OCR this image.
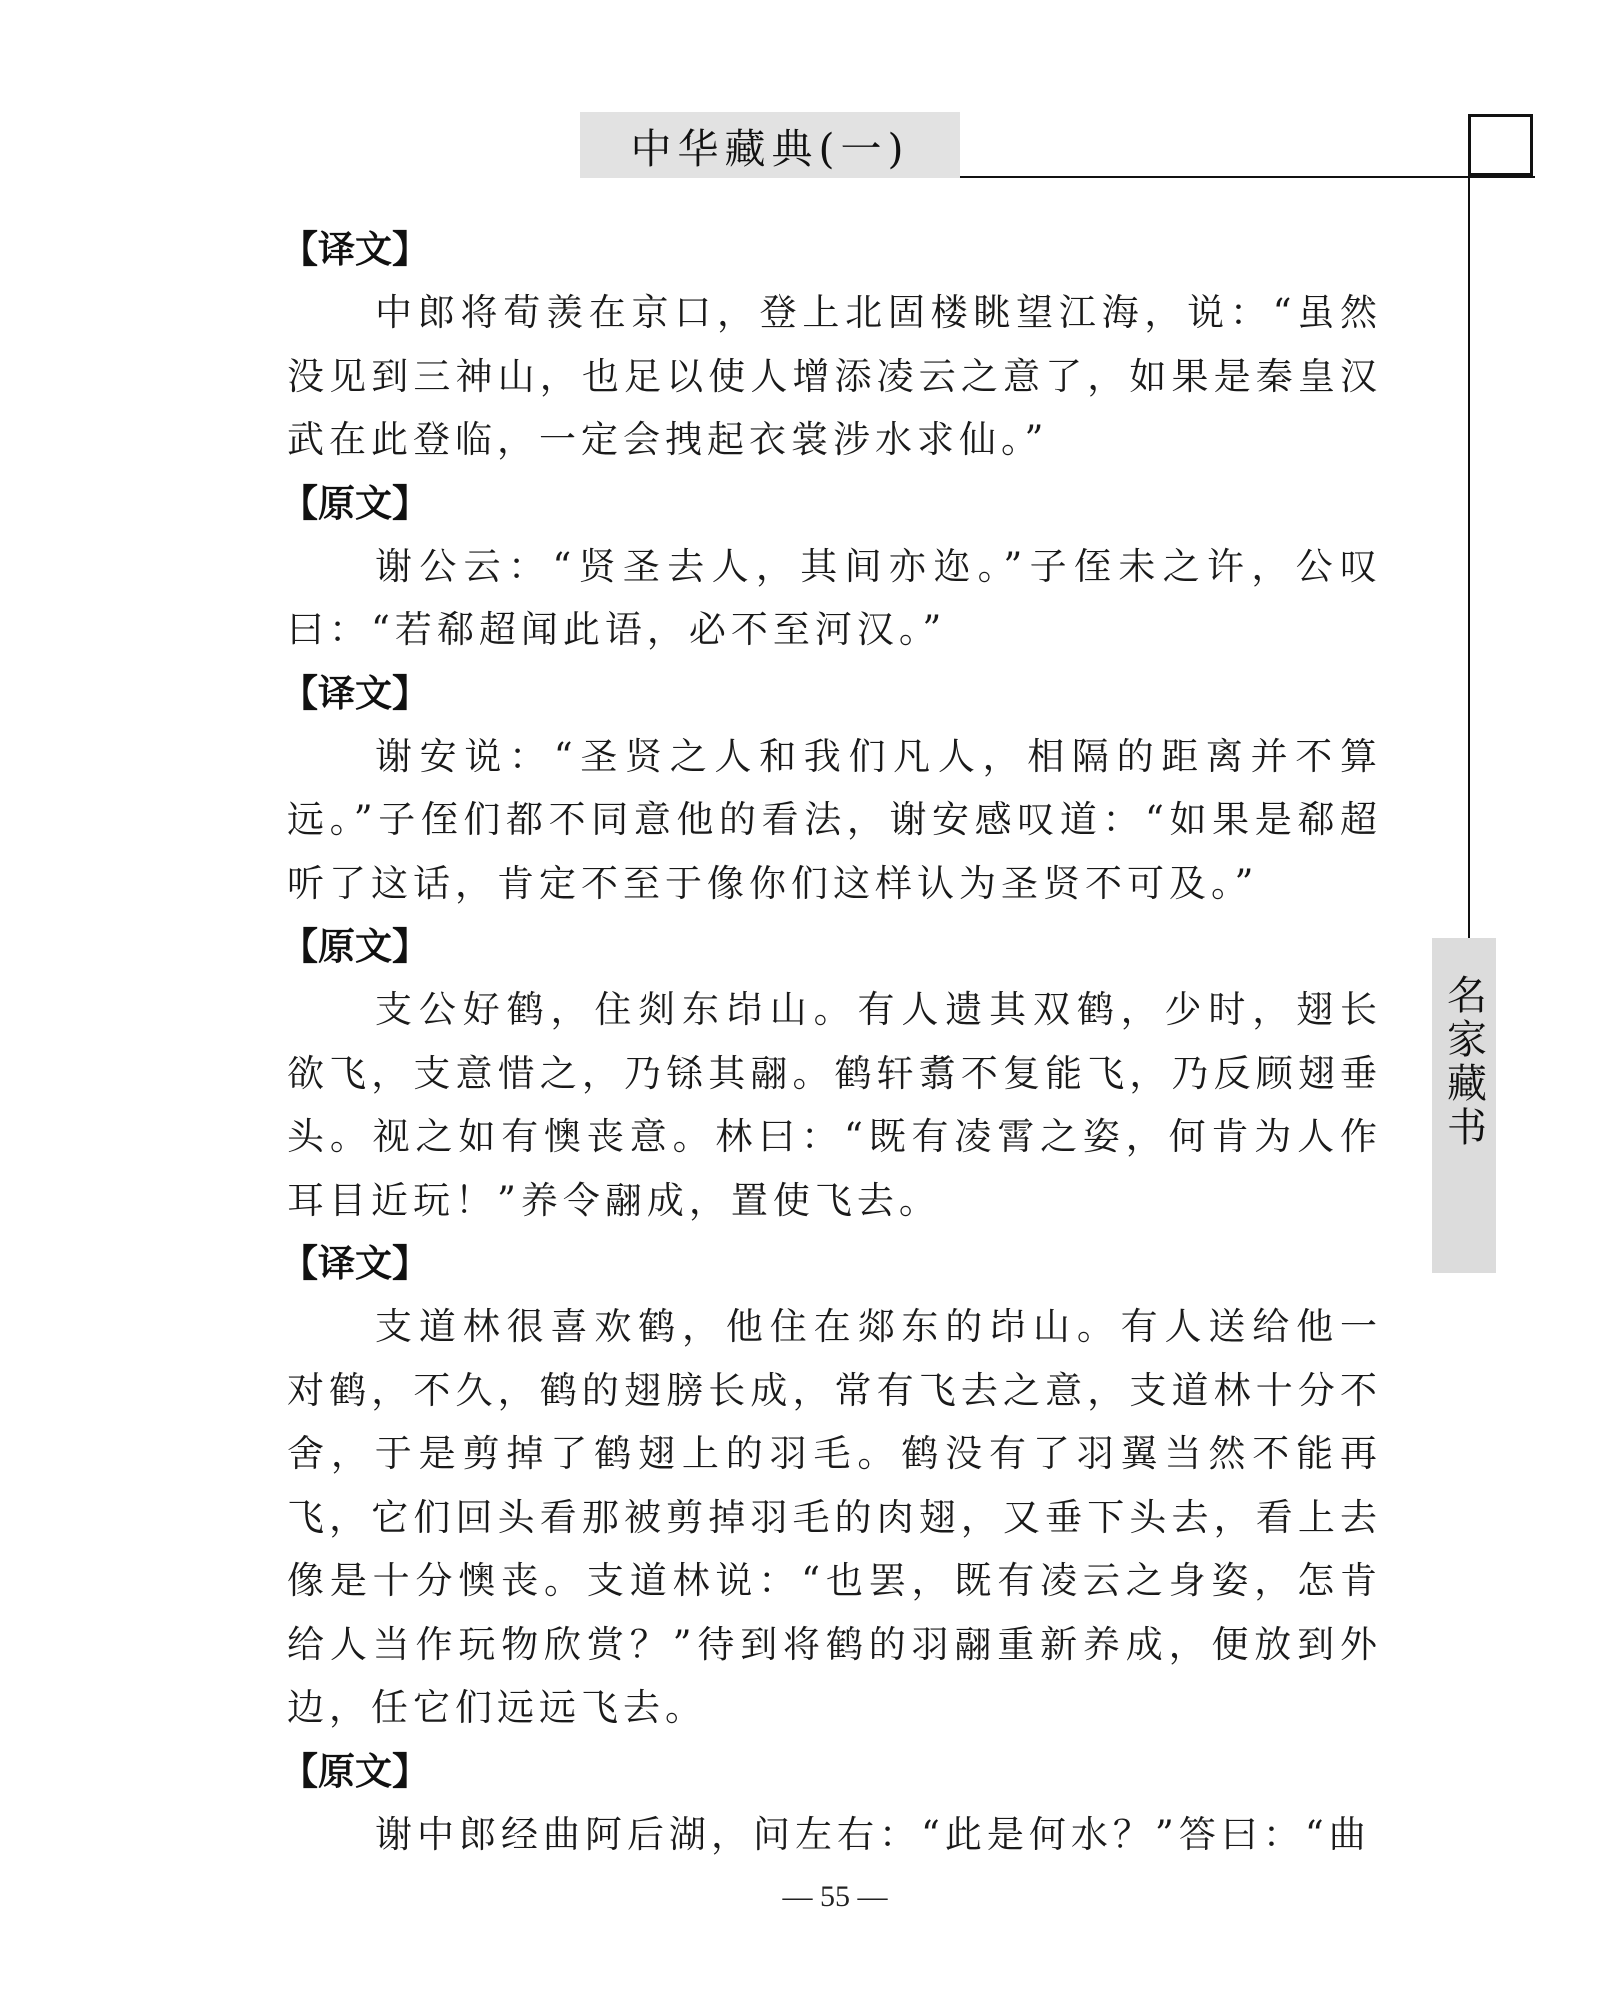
中华藏典(一)
名家藏书
【译文】

中郎将荀羡在京口，登上北固楼眺望江海，说：“虽然没见到三神山，也足以使人增添凌云之意了，如果是秦皇汉武在此登临，一定会拽起衣裳涉水求仙。”

【原文】

谢公云：“贤圣去人，其间亦迩。”子侄未之许，公叹曰：“若郗超闻此语，必不至河汉。”

【译文】

谢安说：“圣贤之人和我们凡人，相隔的距离并不算远。”子侄们都不同意他的看法，谢安感叹道：“如果是郗超听了这话，肯定不至于像你们这样认为圣贤不可及。”

【原文】

支公好鹤，住剡东岇山。有人遗其双鹤，少时，翅长欲飞，支意惜之，乃铩其翮。鹤轩翥不复能飞，乃反顾翅垂头。视之如有懊丧意。林曰：“既有凌霄之姿，何肯为人作耳目近玩！”养令翮成，置使飞去。

【译文】

支道林很喜欢鹤，他住在郯东的岇山。有人送给他一对鹤，不久，鹤的翅膀长成，常有飞去之意，支道林十分不舍，于是剪掉了鹤翅上的羽毛。鹤没有了羽翼当然不能再飞，它们回头看那被剪掉羽毛的肉翅，又垂下头去，看上去像是十分懊丧。支道林说：“也罢，既有凌云之身姿，怎肯给人当作玩物欣赏？”待到将鹤的羽翮重新养成，便放到外边，任它们远远飞去。

【原文】

谢中郎经曲阿后湖，问左右：“此是何水？”答曰：“曲

— 55 —
